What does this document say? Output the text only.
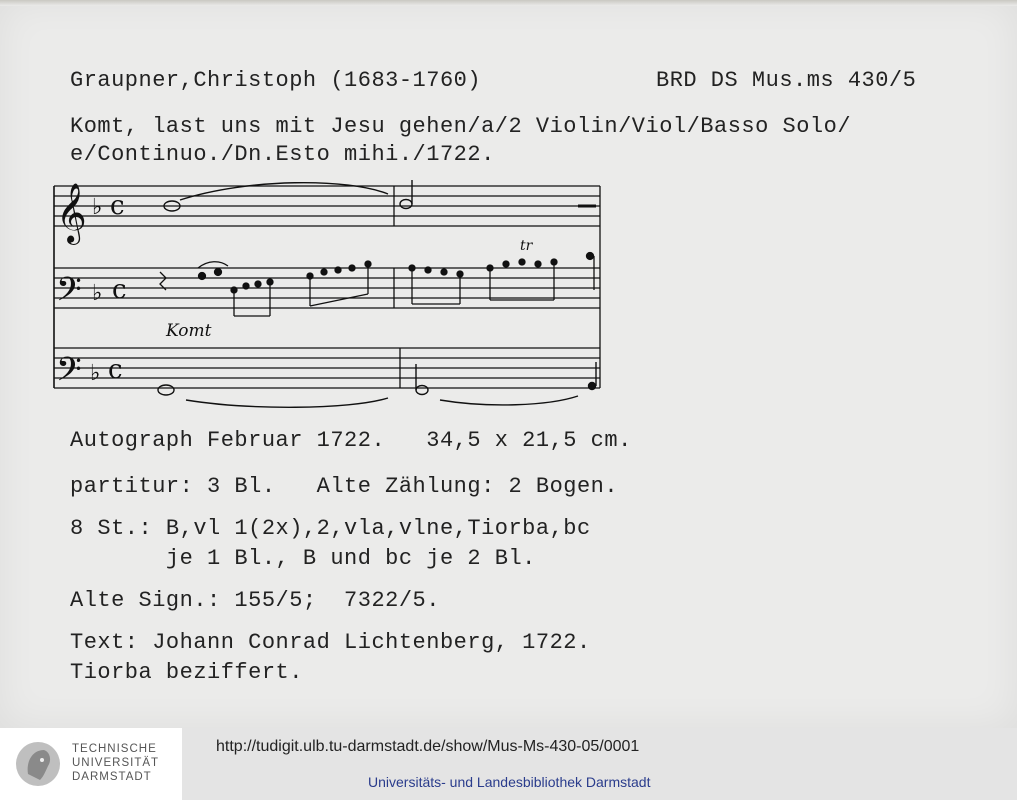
Graupner,Christoph (1683-1760)	BRD DS Mus.ms 430/5
Komt, last uns mit Jesu gehen/a/2 Violin/Viol/Basso Solo/
e/Continuo./Dn.Esto mihi./1722.
𝄞
𝄢
𝄢
♭
♭
♭
c
c
c
tr
Komt
Autograph Februar 1722.   34,5 x 21,5 cm.
partitur: 3 Bl.   Alte Zählung: 2 Bogen.
8 St.: B,vl 1(2x),2,vla,vlne,Tiorba,bc
je 1 Bl., B und bc je 2 Bl.
Alte Sign.: 155/5;  7322/5.
Text: Johann Conrad Lichtenberg, 1722.
Tiorba beziffert.
TECHNISCHE
UNIVERSITÄT
DARMSTADT
http://tudigit.ulb.tu-darmstadt.de/show/Mus-Ms-430-05/0001
Universitäts- und Landesbibliothek Darmstadt
